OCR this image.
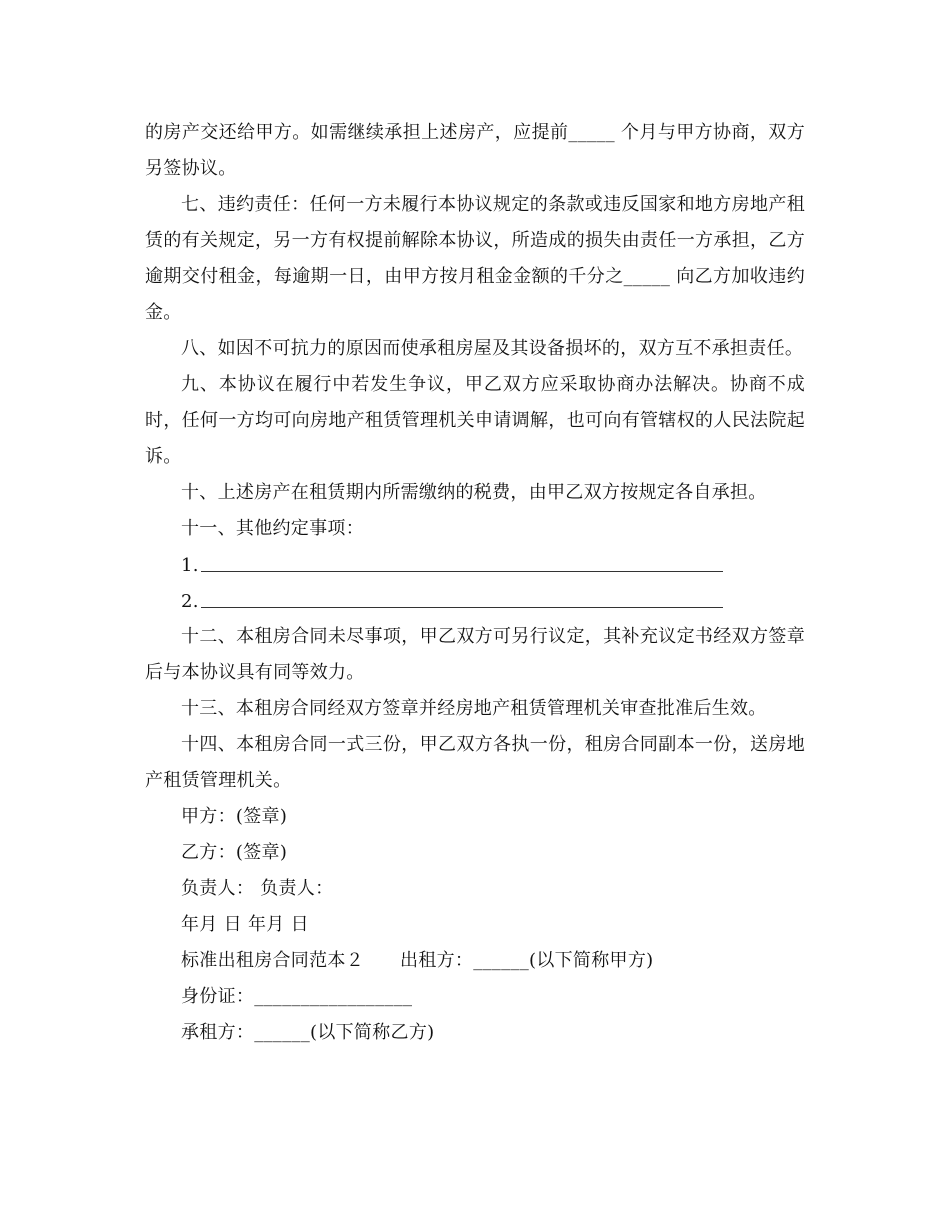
的房产交还给甲方。如需继续承担上述房产，应提前_____ 个月与甲方协商，双方另签协议。

七、违约责任：任何一方未履行本协议规定的条款或违反国家和地方房地产租赁的有关规定，另一方有权提前解除本协议，所造成的损失由责任一方承担，乙方逾期交付租金，每逾期一日，由甲方按月租金金额的千分之_____ 向乙方加收违约金。

八、如因不可抗力的原因而使承租房屋及其设备损坏的，双方互不承担责任。

九、本协议在履行中若发生争议，甲乙双方应采取协商办法解决。协商不成时，任何一方均可向房地产租赁管理机关申请调解，也可向有管辖权的人民法院起诉。

十、上述房产在租赁期内所需缴纳的税费，由甲乙双方按规定各自承担。

十一、其他约定事项：

1.
2.

十二、本租房合同未尽事项，甲乙双方可另行议定，其补充议定书经双方签章后与本协议具有同等效力。

十三、本租房合同经双方签章并经房地产租赁管理机关审查批准后生效。

十四、本租房合同一式三份，甲乙双方各执一份，租房合同副本一份，送房地产租赁管理机关。

甲方：(签章)

乙方：(签章)

负责人： 负责人：

年月 日 年月 日

标准出租房合同范本２ 出租方：______(以下简称甲方)

身份证：_________________

承租方：______(以下简称乙方)
